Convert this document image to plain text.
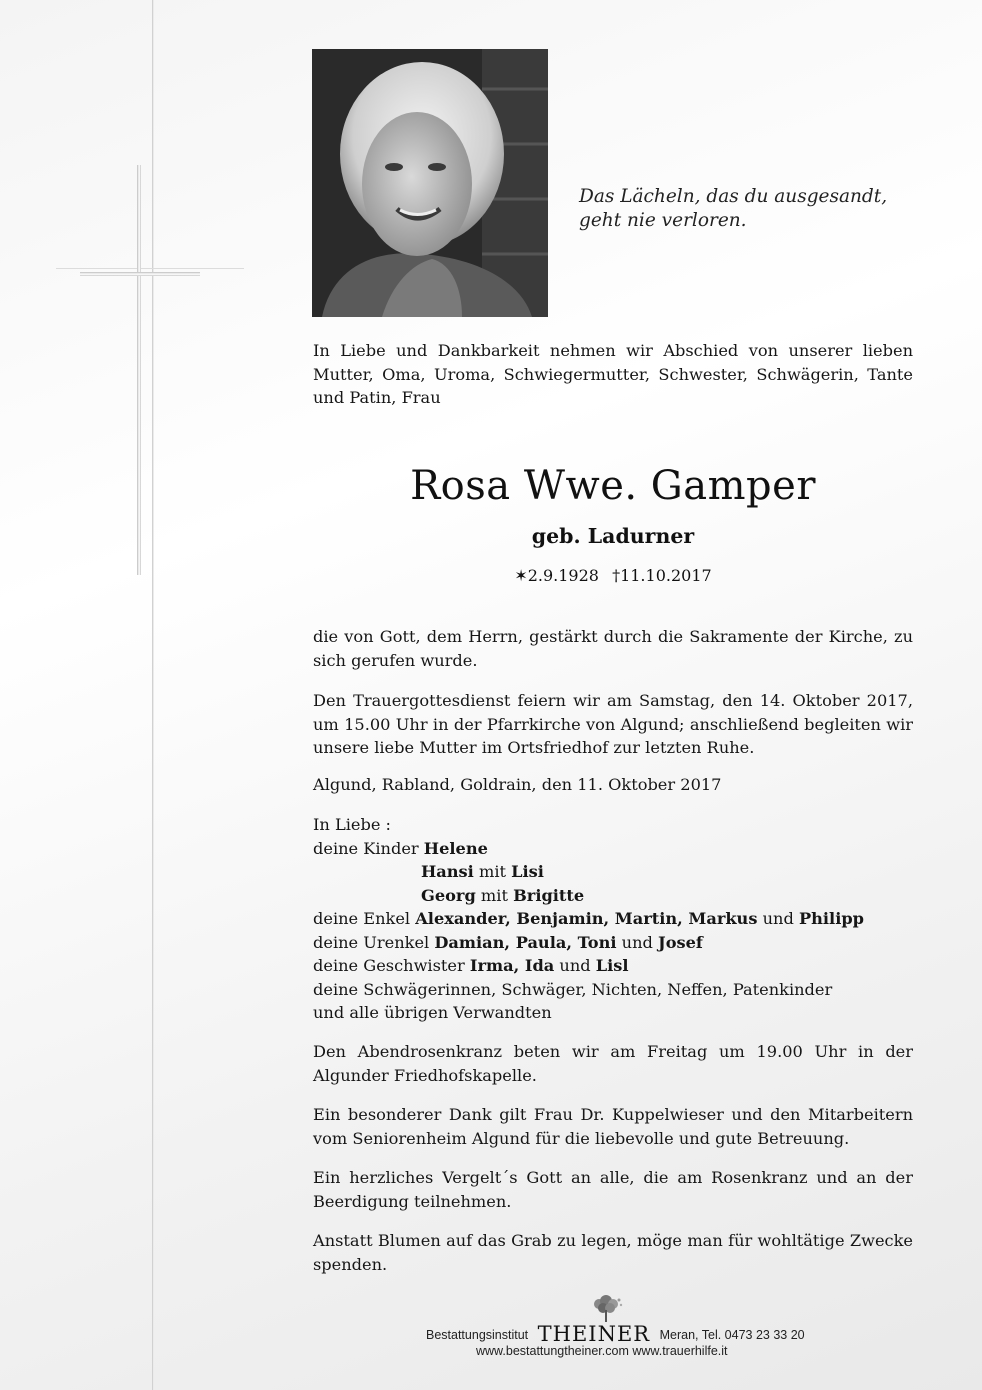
Das Lächeln, das du ausgesandt,

geht nie verloren.

In Liebe und Dankbarkeit nehmen wir Abschied von unserer lieben Mutter, Oma, Uroma, Schwiegermutter, Schwester, Schwägerin, Tante und Patin, Frau

Rosa Wwe. Gamper
geb. Ladurner
✶2.9.1928 †11.10.2017

die von Gott, dem Herrn, gestärkt durch die Sakramente der Kirche, zu sich gerufen wurde.

Den Trauergottesdienst feiern wir am Samstag, den 14. Oktober 2017, um 15.00 Uhr in der Pfarrkirche von Algund; anschließend begleiten wir unsere liebe Mutter im Ortsfriedhof zur letzten Ruhe.

Algund, Rabland, Goldrain, den 11. Oktober 2017

In Liebe :
deine Kinder Helene
Hansi mit Lisi
Georg mit Brigitte
deine Enkel Alexander, Benjamin, Martin, Markus und Philipp
deine Urenkel Damian, Paula, Toni und Josef
deine Geschwister Irma, Ida und Lisl
deine Schwägerinnen, Schwäger, Nichten, Neffen, Patenkinder
und alle übrigen Verwandten

Den Abendrosenkranz beten wir am Freitag um 19.00 Uhr in der Algunder Friedhofskapelle.

Ein besonderer Dank gilt Frau Dr. Kuppelwieser und den Mitarbeitern vom Seniorenheim Algund für die liebevolle und gute Betreuung.

Ein herzliches Vergelt´s Gott an alle, die am Rosenkranz und an der Beerdigung teilnehmen.

Anstatt Blumen auf das Grab zu legen, möge man für wohltätige Zwecke spenden.

Bestattungsinstitut THEINER Meran, Tel. 0473 23 33 20
www.bestattungtheiner.com www.trauerhilfe.it
